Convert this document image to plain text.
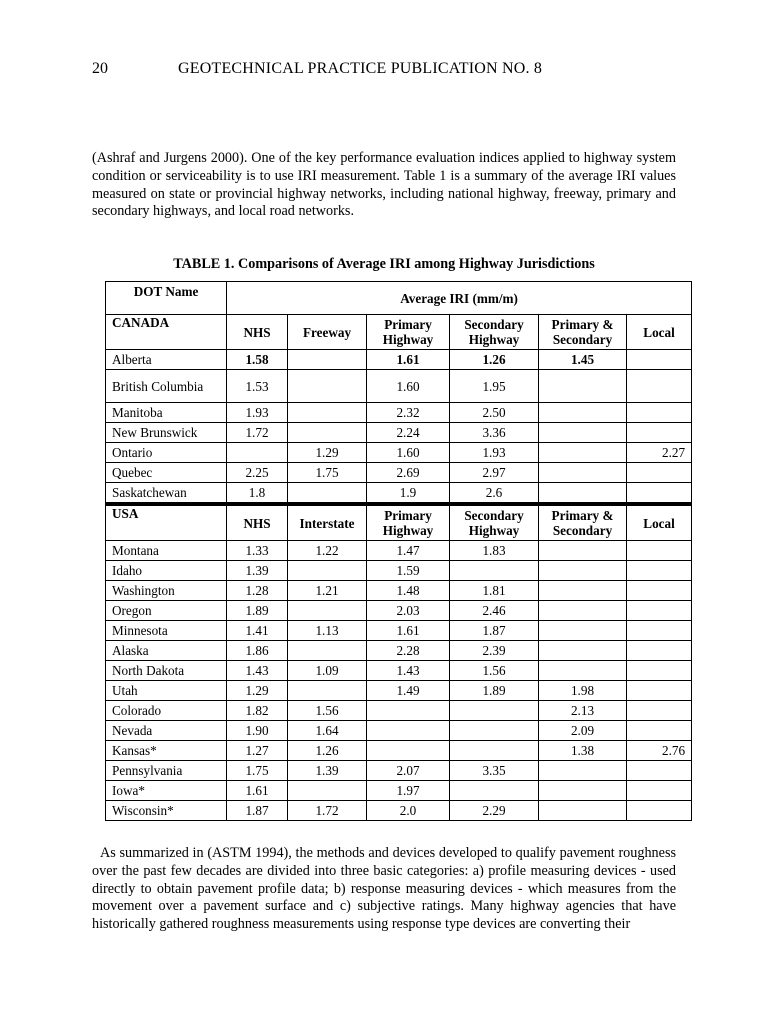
20	GEOTECHNICAL PRACTICE PUBLICATION NO. 8

(Ashraf and Jurgens 2000). One of the key performance evaluation indices applied to highway system condition or serviceability is to use IRI measurement. Table 1 is a summary of the average IRI values measured on state or provincial highway networks, including national highway, freeway, primary and secondary highways, and local road networks.

TABLE 1. Comparisons of Average IRI among Highway Jurisdictions
DOT Name	Average IRI (mm/m)					
CANADA	NHS	Freeway	Primary Highway	Secondary Highway	Primary & Secondary	Local
Alberta	1.58		1.61	1.26	1.45	
British Columbia	1.53		1.60	1.95		
Manitoba	1.93		2.32	2.50		
New Brunswick	1.72		2.24	3.36		
Ontario		1.29	1.60	1.93		2.27
Quebec	2.25	1.75	2.69	2.97		
Saskatchewan	1.8		1.9	2.6		
USA	NHS	Interstate	Primary Highway	Secondary Highway	Primary & Secondary	Local
Montana	1.33	1.22	1.47	1.83		
Idaho	1.39		1.59			
Washington	1.28	1.21	1.48	1.81		
Oregon	1.89		2.03	2.46		
Minnesota	1.41	1.13	1.61	1.87		
Alaska	1.86		2.28	2.39		
North Dakota	1.43	1.09	1.43	1.56		
Utah	1.29		1.49	1.89	1.98	
Colorado	1.82	1.56			2.13	
Nevada	1.90	1.64			2.09	
Kansas*	1.27	1.26			1.38	2.76
Pennsylvania	1.75	1.39	2.07	3.35		
Iowa*	1.61		1.97			
Wisconsin*	1.87	1.72	2.0	2.29		

As summarized in (ASTM 1994), the methods and devices developed to qualify pavement roughness over the past few decades are divided into three basic categories: a) profile measuring devices - used directly to obtain pavement profile data; b) response measuring devices - which measures from the movement over a pavement surface and c) subjective ratings. Many highway agencies that have historically gathered roughness measurements using response type devices are converting their
